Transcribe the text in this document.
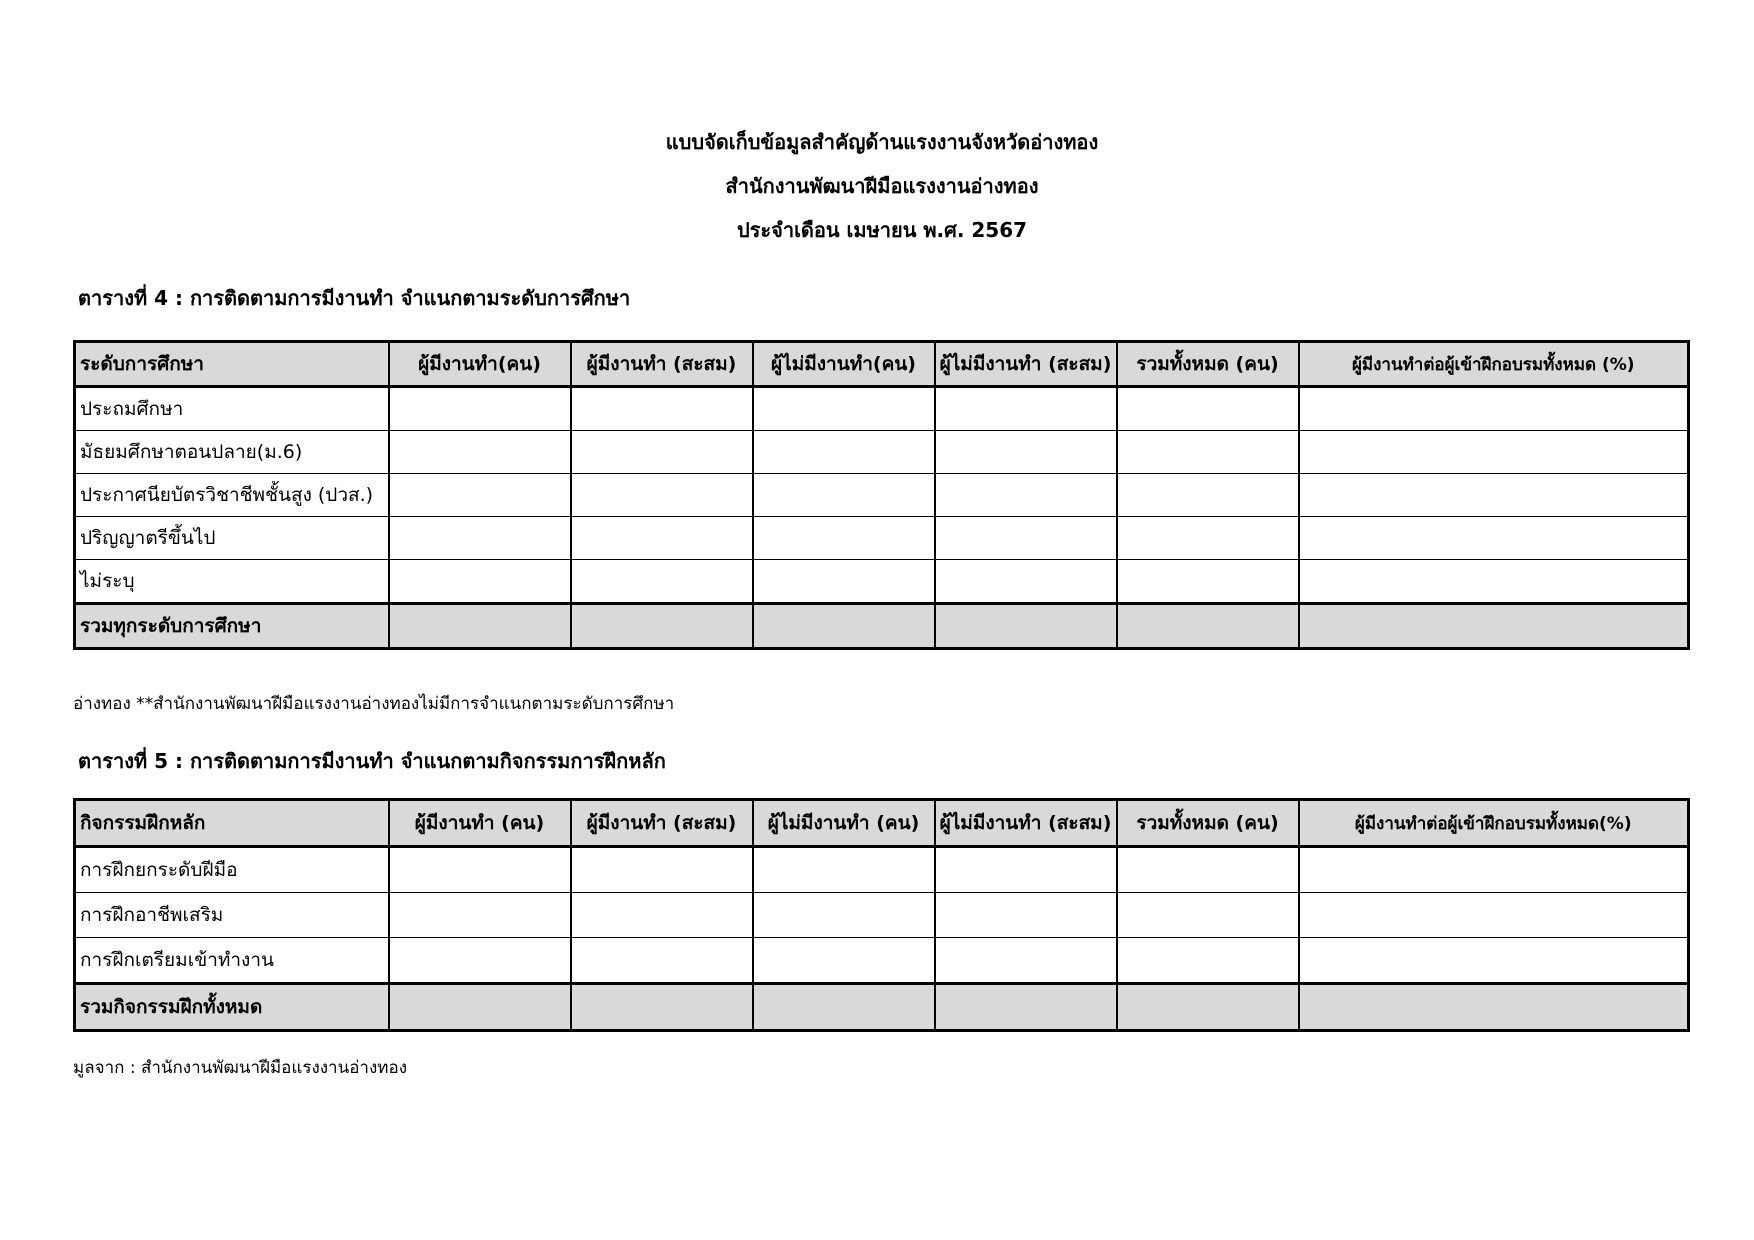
แบบจัดเก็บข้อมูลสำคัญด้านแรงงานจังหวัดอ่างทอง
สำนักงานพัฒนาฝีมือแรงงานอ่างทอง
ประจำเดือน เมษายน พ.ศ. 2567
ตารางที่ 4 : การติดตามการมีงานทำ จำแนกตามระดับการศึกษา
ระดับการศึกษา	ผู้มีงานทำ(คน)	ผู้มีงานทำ (สะสม)	ผู้ไม่มีงานทำ(คน)	ผู้ไม่มีงานทำ (สะสม)	รวมทั้งหมด (คน)	ผู้มีงานทำต่อผู้เข้าฝึกอบรมทั้งหมด (%)
ประถมศึกษา						
มัธยมศึกษาตอนปลาย(ม.6)						
ประกาศนียบัตรวิชาชีพชั้นสูง (ปวส.)						
ปริญญาตรีขึ้นไป						
ไม่ระบุ						
รวมทุกระดับการศึกษา						
อ่างทอง **สำนักงานพัฒนาฝีมือแรงงานอ่างทองไม่มีการจำแนกตามระดับการศึกษา
ตารางที่ 5 : การติดตามการมีงานทำ จำแนกตามกิจกรรมการฝึกหลัก
กิจกรรมฝึกหลัก	ผู้มีงานทำ (คน)	ผู้มีงานทำ (สะสม)	ผู้ไม่มีงานทำ (คน)	ผู้ไม่มีงานทำ (สะสม)	รวมทั้งหมด (คน)	ผู้มีงานทำต่อผู้เข้าฝึกอบรมทั้งหมด(%)
การฝึกยกระดับฝีมือ						
การฝึกอาชีพเสริม						
การฝึกเตรียมเข้าทำงาน						
รวมกิจกรรมฝึกทั้งหมด						
มูลจาก : สำนักงานพัฒนาฝีมือแรงงานอ่างทอง
